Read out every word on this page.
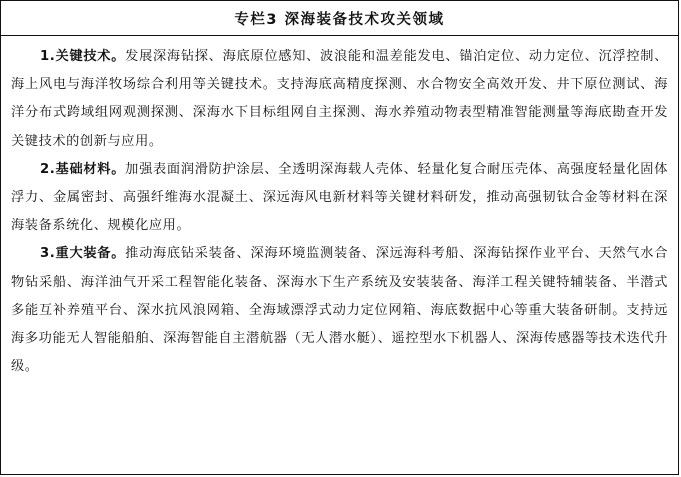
专栏3 深海装备技术攻关领域

1.关键技术。发展深海钻探、海底原位感知、波浪能和温差能发电、锚泊定位、动力定位、沉浮控制、海上风电与海洋牧场综合利用等关键技术。支持海底高精度探测、水合物安全高效开发、井下原位测试、海洋分布式跨域组网观测探测、深海水下目标组网自主探测、海水养殖动物表型精准智能测量等海底勘查开发关键技术的创新与应用。

2.基础材料。加强表面润滑防护涂层、全透明深海载人壳体、轻量化复合耐压壳体、高强度轻量化固体浮力、金属密封、高强纤维海水混凝土、深远海风电新材料等关键材料研发，推动高强韧钛合金等材料在深海装备系统化、规模化应用。

3.重大装备。推动海底钻采装备、深海环境监测装备、深远海科考船、深海钻探作业平台、天然气水合物钻采船、海洋油气开采工程智能化装备、深海水下生产系统及安装装备、海洋工程关键特辅装备、半潜式多能互补养殖平台、深水抗风浪网箱、全海域漂浮式动力定位网箱、海底数据中心等重大装备研制。支持远海多功能无人智能船舶、深海智能自主潜航器（无人潜水艇）、遥控型水下机器人、深海传感器等技术迭代升级。
